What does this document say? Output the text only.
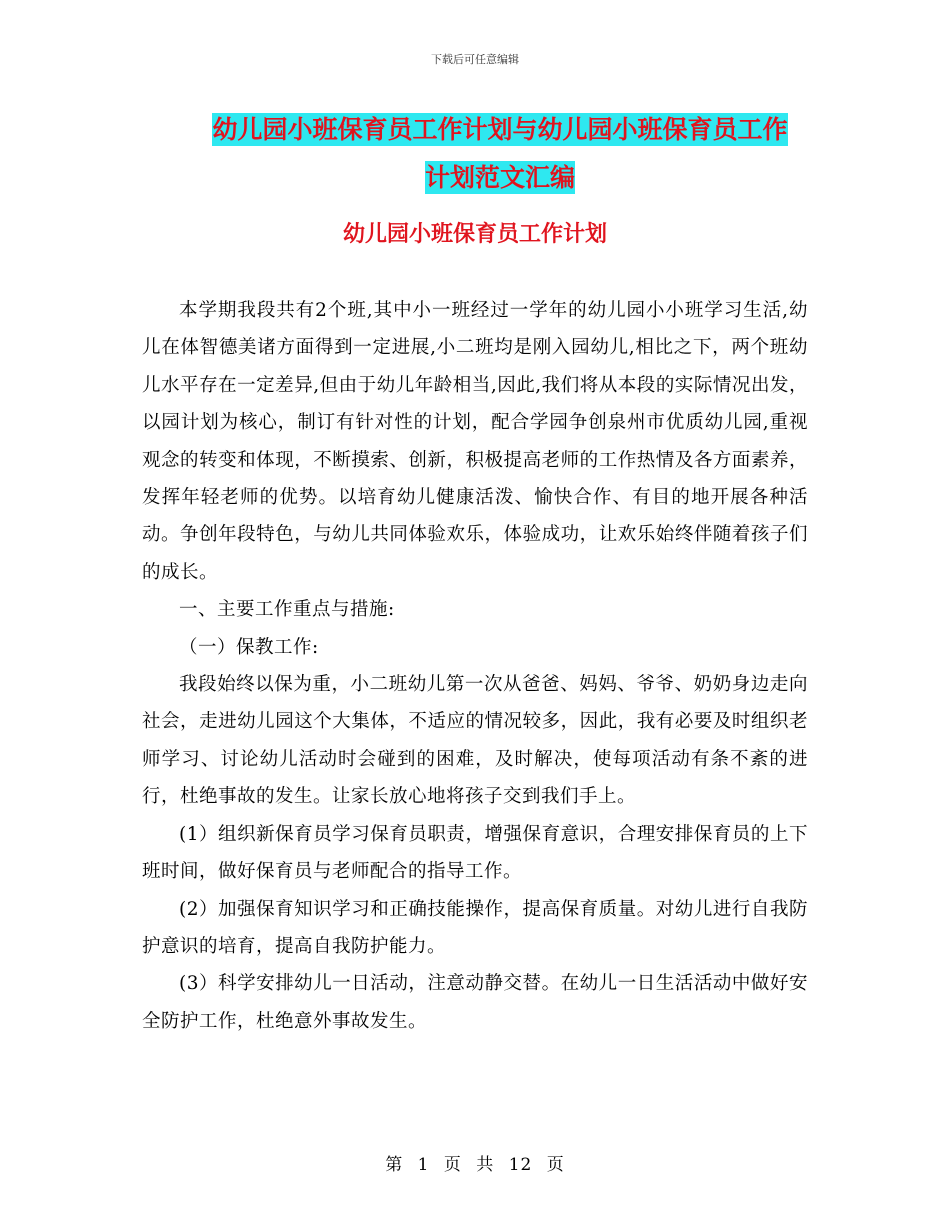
下载后可任意编辑
幼儿园小班保育员工作计划与幼儿园小班保育员工作
计划范文汇编
幼儿园小班保育员工作计划

本学期我段共有2个班,其中小一班经过一学年的幼儿园小小班学习生活,幼儿在体智德美诸方面得到一定进展,小二班均是刚入园幼儿,相比之下，两个班幼儿水平存在一定差异,但由于幼儿年龄相当,因此,我们将从本段的实际情况出发，以园计划为核心，制订有针对性的计划，配合学园争创泉州市优质幼儿园,重视观念的转变和体现，不断摸索、创新，积极提高老师的工作热情及各方面素养，发挥年轻老师的优势。以培育幼儿健康活泼、愉快合作、有目的地开展各种活动。争创年段特色，与幼儿共同体验欢乐，体验成功，让欢乐始终伴随着孩子们的成长。

一、主要工作重点与措施:

（一）保教工作:

我段始终以保为重，小二班幼儿第一次从爸爸、妈妈、爷爷、奶奶身边走向社会，走进幼儿园这个大集体，不适应的情况较多，因此，我有必要及时组织老师学习、讨论幼儿活动时会碰到的困难，及时解决，使每项活动有条不紊的进行，杜绝事故的发生。让家长放心地将孩子交到我们手上。

(1）组织新保育员学习保育员职责，增强保育意识，合理安排保育员的上下班时间，做好保育员与老师配合的指导工作。

(2）加强保育知识学习和正确技能操作，提高保育质量。对幼儿进行自我防护意识的培育，提高自我防护能力。

(3）科学安排幼儿一日活动，注意动静交替。在幼儿一日生活活动中做好安全防护工作，杜绝意外事故发生。

第 1 页 共 12 页
